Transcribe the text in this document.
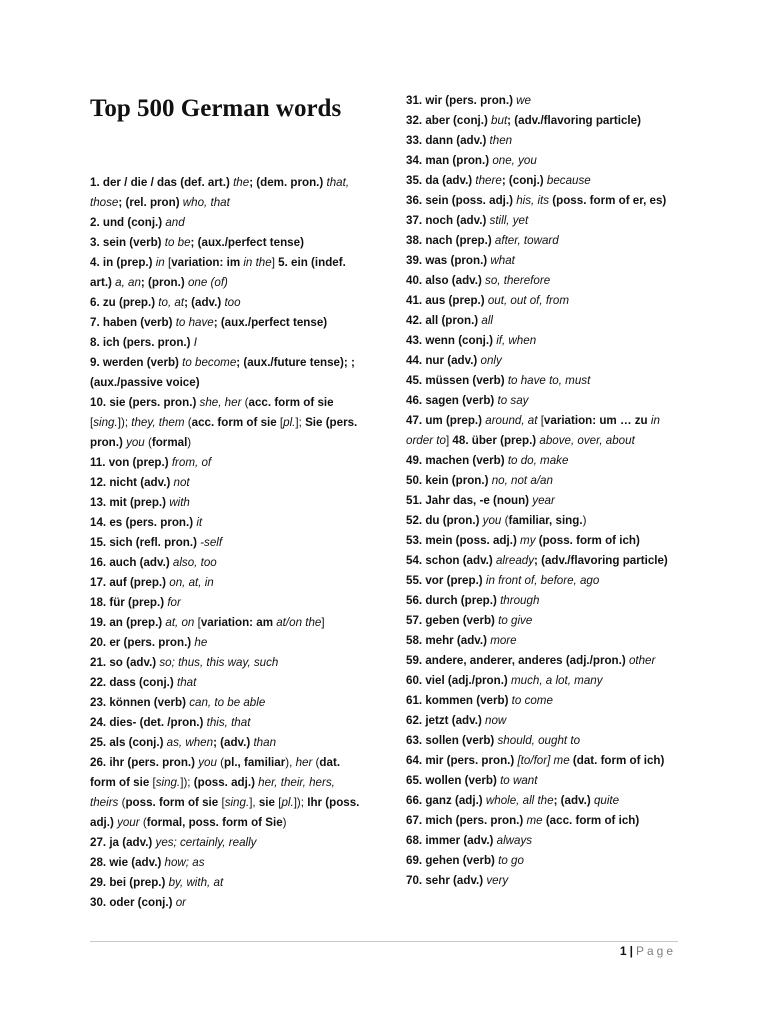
Top 500 German words

1. der / die / das (def. art.) the; (dem. pron.) that, those; (rel. pron) who, that

2. und (conj.) and

3. sein (verb) to be; (aux./perfect tense)

4. in (prep.) in [variation: im in the] 5. ein (indef. art.) a, an; (pron.) one (of)

6. zu (prep.) to, at; (adv.) too

7. haben (verb) to have; (aux./perfect tense)

8. ich (pers. pron.) I

9. werden (verb) to become; (aux./future tense); ; (aux./passive voice)

10. sie (pers. pron.) she, her (acc. form of sie [sing.]); they, them (acc. form of sie [pl.]; Sie (pers. pron.) you (formal)

11. von (prep.) from, of

12. nicht (adv.) not

13. mit (prep.) with

14. es (pers. pron.) it

15. sich (refl. pron.) -self

16. auch (adv.) also, too

17. auf (prep.) on, at, in

18. für (prep.) for

19. an (prep.) at, on [variation: am at/on the]

20. er (pers. pron.) he

21. so (adv.) so; thus, this way, such

22. dass (conj.) that

23. können (verb) can, to be able

24. dies- (det. /pron.) this, that

25. als (conj.) as, when; (adv.) than

26. ihr (pers. pron.) you (pl., familiar), her (dat. form of sie [sing.]); (poss. adj.) her, their, hers, theirs (poss. form of sie [sing.], sie [pl.]); Ihr (poss. adj.) your (formal, poss. form of Sie)

27. ja (adv.) yes; certainly, really

28. wie (adv.) how; as

29. bei (prep.) by, with, at

30. oder (conj.) or

31. wir (pers. pron.) we

32. aber (conj.) but; (adv./flavoring particle)

33. dann (adv.) then

34. man (pron.) one, you

35. da (adv.) there; (conj.) because

36. sein (poss. adj.) his, its (poss. form of er, es)

37. noch (adv.) still, yet

38. nach (prep.) after, toward

39. was (pron.) what

40. also (adv.) so, therefore

41. aus (prep.) out, out of, from

42. all (pron.) all

43. wenn (conj.) if, when

44. nur (adv.) only

45. müssen (verb) to have to, must

46. sagen (verb) to say

47. um (prep.) around, at [variation: um … zu in order to] 48. über (prep.) above, over, about

49. machen (verb) to do, make

50. kein (pron.) no, not a/an

51. Jahr das, -e (noun) year

52. du (pron.) you (familiar, sing.)

53. mein (poss. adj.) my (poss. form of ich)

54. schon (adv.) already; (adv./flavoring particle)

55. vor (prep.) in front of, before, ago

56. durch (prep.) through

57. geben (verb) to give

58. mehr (adv.) more

59. andere, anderer, anderes (adj./pron.) other

60. viel (adj./pron.) much, a lot, many

61. kommen (verb) to come

62. jetzt (adv.) now

63. sollen (verb) should, ought to

64. mir (pers. pron.) [to/for] me (dat. form of ich)

65. wollen (verb) to want

66. ganz (adj.) whole, all the; (adv.) quite

67. mich (pers. pron.) me (acc. form of ich)

68. immer (adv.) always

69. gehen (verb) to go

70. sehr (adv.) very

1 | Page
